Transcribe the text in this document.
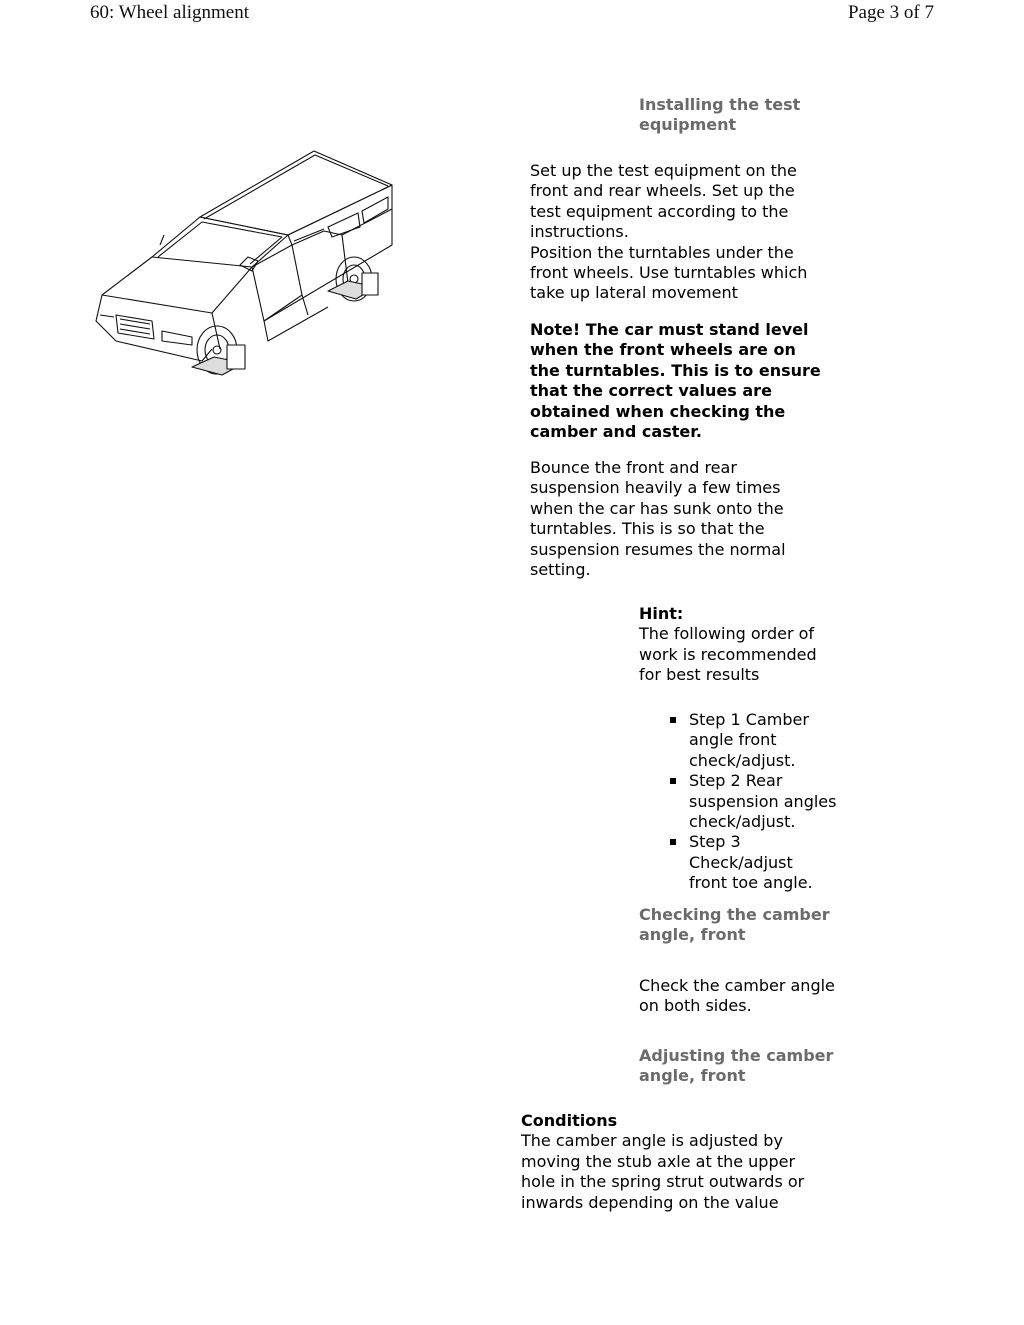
60: Wheel alignment	Page 3 of 7
Installing the test
equipment
Set up the test equipment on the
front and rear wheels. Set up the
test equipment according to the
instructions.
Position the turntables under the
front wheels. Use turntables which
take up lateral movement
Note! The car must stand level
when the front wheels are on
the turntables. This is to ensure
that the correct values are
obtained when checking the
camber and caster.
Bounce the front and rear
suspension heavily a few times
when the car has sunk onto the
turntables. This is so that the
suspension resumes the normal
setting.
Hint:
The following order of
work is recommended
for best results
Step 1 Camber
angle front
check/adjust.
Step 2 Rear
suspension angles
check/adjust.
Step 3
Check/adjust
front toe angle.
Checking the camber
angle, front
Check the camber angle
on both sides.
Adjusting the camber
angle, front
Conditions
The camber angle is adjusted by
moving the stub axle at the upper
hole in the spring strut outwards or
inwards depending on the value
